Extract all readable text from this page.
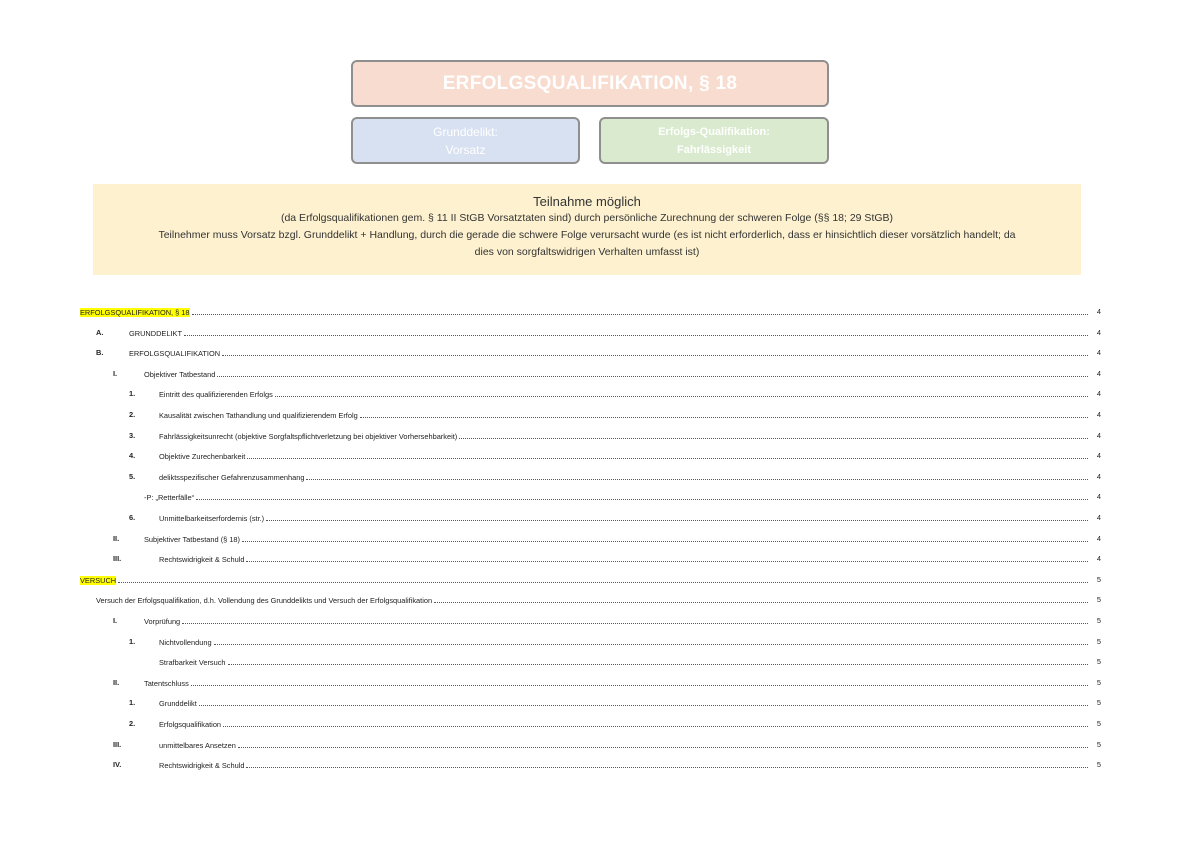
ERFOLGSQUALIFIKATION, § 18
Grunddelikt:
Vorsatz
Erfolgs-Qualifikation:
Fahrlässigkeit
Teilnahme möglich
(da Erfolgsqualifikationen gem. § 11 II StGB Vorsatztaten sind) durch persönliche Zurechnung der schweren Folge (§§ 18; 29 StGB)
Teilnehmer muss Vorsatz bzgl. Grunddelikt + Handlung, durch die gerade die schwere Folge verursacht wurde (es ist nicht erforderlich, dass er hinsichtlich dieser vorsätzlich handelt; da
dies von sorgfaltswidrigen Verhalten umfasst ist)
ERFOLGSQUALIFIKATION, § 18	4
A.	GRUNDDELIKT	4
B.	ERFOLGSQUALIFIKATION	4
I.	Objektiver Tatbestand	4
1.	Eintritt des qualifizierenden Erfolgs	4
2.	Kausalität zwischen Tathandlung und qualifizierendem Erfolg	4
3.	Fahrlässigkeitsunrecht (objektive Sorgfaltspflichtverletzung bei objektiver Vorhersehbarkeit)	4
4.	Objektive Zurechenbarkeit	4
5.	deliktsspezifischer Gefahrenzusammenhang	4
-P: „Retterfälle“	4
6.	Unmittelbarkeitserfordernis (str.)	4
II.	Subjektiver Tatbestand (§ 18)	4
III.	Rechtswidrigkeit & Schuld	4
VERSUCH	5
Versuch der Erfolgsqualifikation, d.h. Vollendung des Grunddelikts und Versuch der Erfolgsqualifikation	5
I.	Vorprüfung	5
1.	Nichtvollendung	5
Strafbarkeit Versuch	5
II.	Tatentschluss	5
1.	Grunddelikt	5
2.	Erfolgsqualifikation	5
III.	unmittelbares Ansetzen	5
IV.	Rechtswidrigkeit & Schuld	5
